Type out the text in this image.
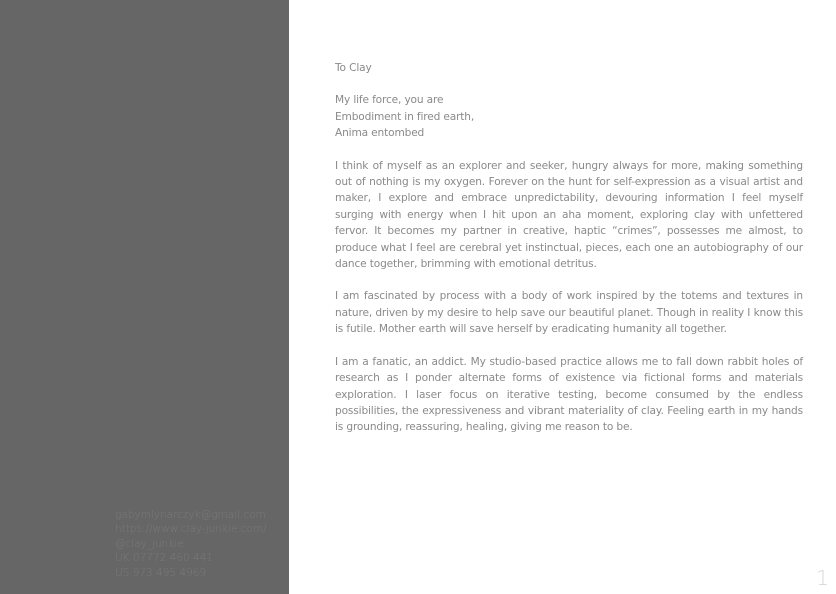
gabymlynarczyk@gmail.com
https://www.clay-junkie.com/
@clay_junkie
UK 07772 460 441
US 973 495 4969

To Clay

My life force, you are
Embodiment in fired earth,
Anima entombed

I think of myself as an explorer and seeker, hungry always for more, making something out of nothing is my oxygen. Forever on the hunt for self-expression as a visual artist and maker, I explore and embrace unpredictability, devouring information I feel myself surging with energy when I hit upon an aha moment, exploring clay with unfettered fervor. It becomes my partner in creative, haptic “crimes”, possesses me almost, to produce what I feel are cerebral yet instinctual, pieces, each one an autobiography of our dance together, brimming with emotional detritus.

I am fascinated by process with a body of work inspired by the totems and textures in nature, driven by my desire to help save our beautiful planet. Though in reality I know this is futile. Mother earth will save herself by eradicating humanity all together.

I am a fanatic, an addict. My studio-based practice allows me to fall down rabbit holes of research as I ponder alternate forms of existence via fictional forms and materials exploration. I laser focus on iterative testing, become consumed by the endless possibilities, the expressiveness and vibrant materiality of clay. Feeling earth in my hands is grounding, reassuring, healing, giving me reason to be.

1
